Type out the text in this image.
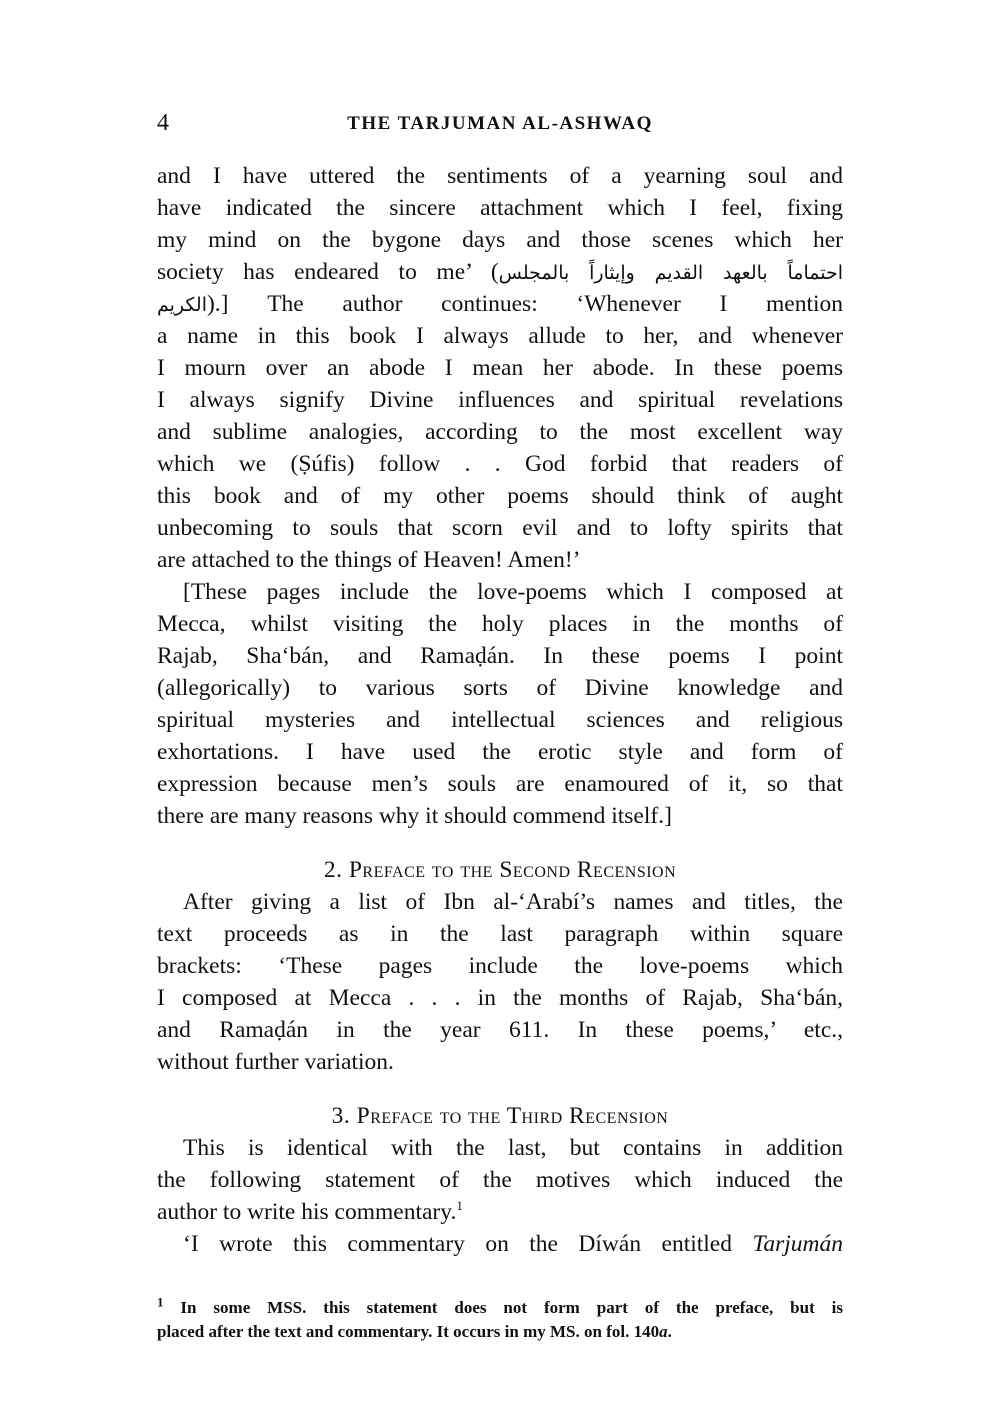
4	THE TARJUMAN AL-ASHWAQ
and I have uttered the sentiments of a yearning soul and
have indicated the sincere attachment which I feel, fixing
my mind on the bygone days and those scenes which her
society has endeared to me’ (احتماماً بالعهد القديم وإيثاراً بالمجلس
الكريم).] The author continues: ‘Whenever I mention
a name in this book I always allude to her, and whenever
I mourn over an abode I mean her abode. In these poems
I always signify Divine influences and spiritual revelations
and sublime analogies, according to the most excellent way
which we (Ṣúfis) follow . . God forbid that readers of
this book and of my other poems should think of aught
unbecoming to souls that scorn evil and to lofty spirits that
are attached to the things of Heaven! Amen!’
[These pages include the love-poems which I composed at
Mecca, whilst visiting the holy places in the months of
Rajab, Sha‘bán, and Ramaḍán. In these poems I point
(allegorically) to various sorts of Divine knowledge and
spiritual mysteries and intellectual sciences and religious
exhortations. I have used the erotic style and form of
expression because men’s souls are enamoured of it, so that
there are many reasons why it should commend itself.]
2. Preface to the Second Recension
After giving a list of Ibn al-‘Arabí’s names and titles, the
text proceeds as in the last paragraph within square
brackets: ‘These pages include the love-poems which
I composed at Mecca . . . in the months of Rajab, Sha‘bán,
and Ramaḍán in the year 611. In these poems,’ etc.,
without further variation.
3. Preface to the Third Recension
This is identical with the last, but contains in addition
the following statement of the motives which induced the
author to write his commentary.$^1$
‘I wrote this commentary on the Díwán entitled Tarjumán
$^1$ In some MSS. this statement does not form part of the preface, but is
placed after the text and commentary. It occurs in my MS. on fol. 140a.
